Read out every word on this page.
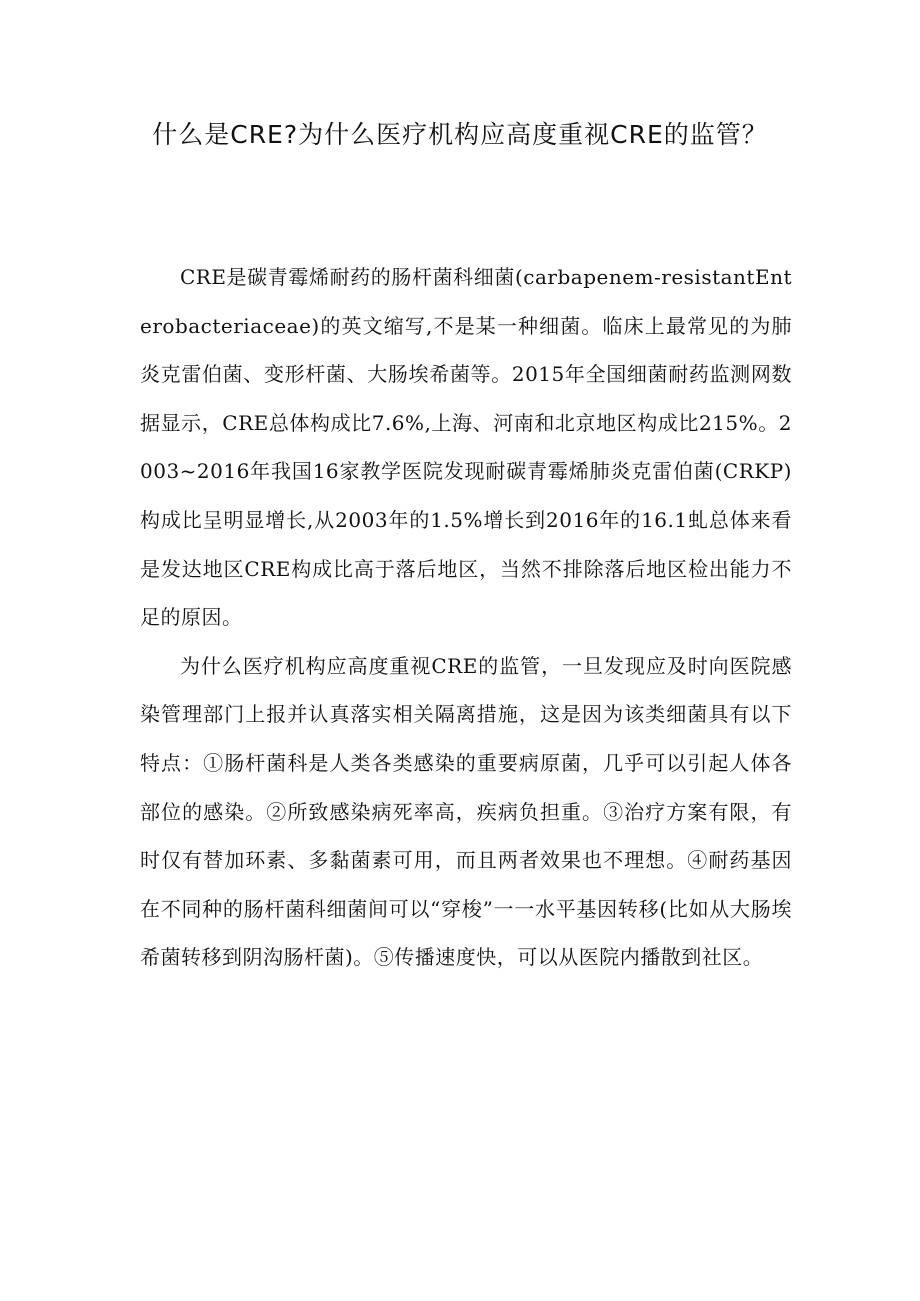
什么是CRE?为什么医疗机构应高度重视CRE的监管？

CRE是碳青霉烯耐药的肠杆菌科细菌(carbapenem-resistantEnterobacteriaceae)的英文缩写,不是某一种细菌。临床上最常见的为肺炎克雷伯菌、变形杆菌、大肠埃希菌等。2015年全国细菌耐药监测网数据显示，CRE总体构成比7.6%,上海、河南和北京地区构成比215%。2003~2016年我国16家教学医院发现耐碳青霉烯肺炎克雷伯菌(CRKP)构成比呈明显增长,从2003年的1.5%增长到2016年的16.1虬总体来看是发达地区CRE构成比高于落后地区，当然不排除落后地区检出能力不足的原因。

为什么医疗机构应高度重视CRE的监管，一旦发现应及时向医院感染管理部门上报并认真落实相关隔离措施，这是因为该类细菌具有以下特点：①肠杆菌科是人类各类感染的重要病原菌，几乎可以引起人体各部位的感染。②所致感染病死率高，疾病负担重。③治疗方案有限，有时仅有替加环素、多黏菌素可用，而且两者效果也不理想。④耐药基因在不同种的肠杆菌科细菌间可以“穿梭”一一水平基因转移(比如从大肠埃希菌转移到阴沟肠杆菌)。⑤传播速度快，可以从医院内播散到社区。
